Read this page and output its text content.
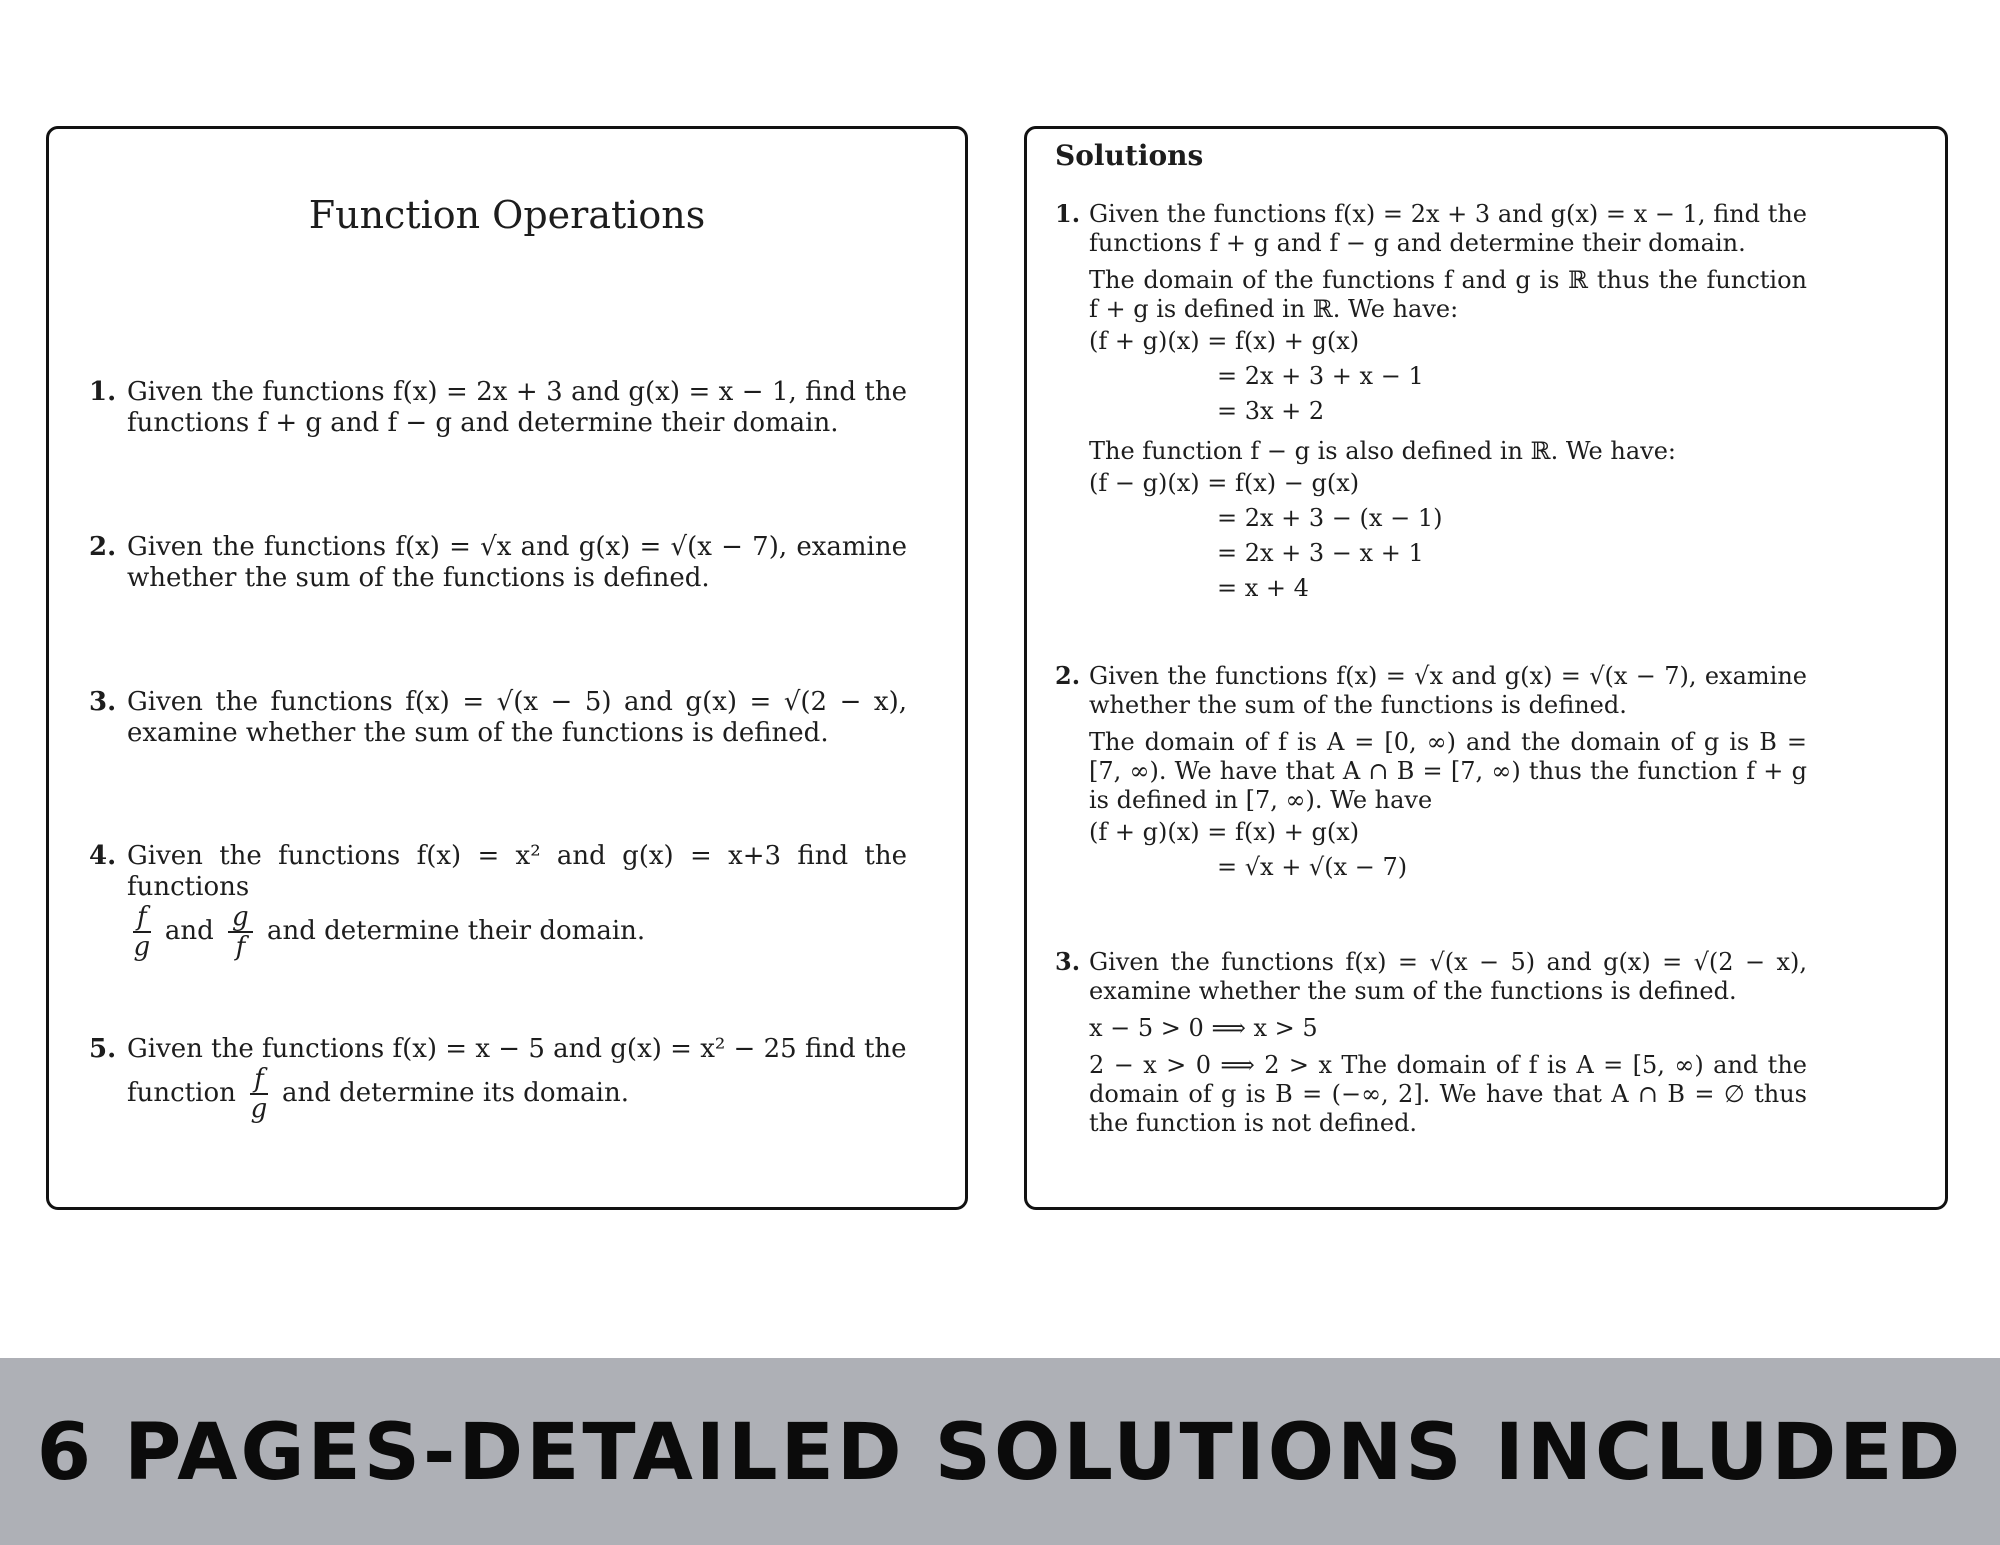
Function Operations
1. Given the functions f(x) = 2x + 3 and g(x) = x − 1, find the functions f + g and f − g and determine their domain.
2. Given the functions f(x) = √x and g(x) = √(x − 7), examine whether the sum of the functions is defined.
3. Given the functions f(x) = √(x − 5) and g(x) = √(2 − x), examine whether the sum of the functions is defined.
4. Given the functions f(x) = x² and g(x) = x+3 find the functions
$\frac{f}{g}$ and $\frac{g}{f}$ and determine their domain.
5. Given the functions f(x) = x − 5 and g(x) = x² − 25 find the
function $\frac{f}{g}$ and determine its domain.
Solutions
1. Given the functions f(x) = 2x + 3 and g(x) = x − 1, find the functions f + g and f − g and determine their domain.
The domain of the functions f and g is ℝ thus the function f + g is defined in ℝ. We have:
(f + g)(x) = f(x) + g(x)
= 2x + 3 + x − 1
= 3x + 2
The function f − g is also defined in ℝ. We have:
(f − g)(x) = f(x) − g(x)
= 2x + 3 − (x − 1)
= 2x + 3 − x + 1
= x + 4
2. Given the functions f(x) = √x and g(x) = √(x − 7), examine whether the sum of the functions is defined.
The domain of f is A = [0, ∞) and the domain of g is B = [7, ∞). We have that A ∩ B = [7, ∞) thus the function f + g is defined in [7, ∞). We have
(f + g)(x) = f(x) + g(x)
= √x + √(x − 7)
3. Given the functions f(x) = √(x − 5) and g(x) = √(2 − x), examine whether the sum of the functions is defined.
x − 5 > 0 ⟹ x > 5
2 − x > 0 ⟹ 2 > x The domain of f is A = [5, ∞) and the domain of g is B = (−∞, 2]. We have that A ∩ B = ∅ thus the function is not defined.
6 PAGES-DETAILED SOLUTIONS INCLUDED
